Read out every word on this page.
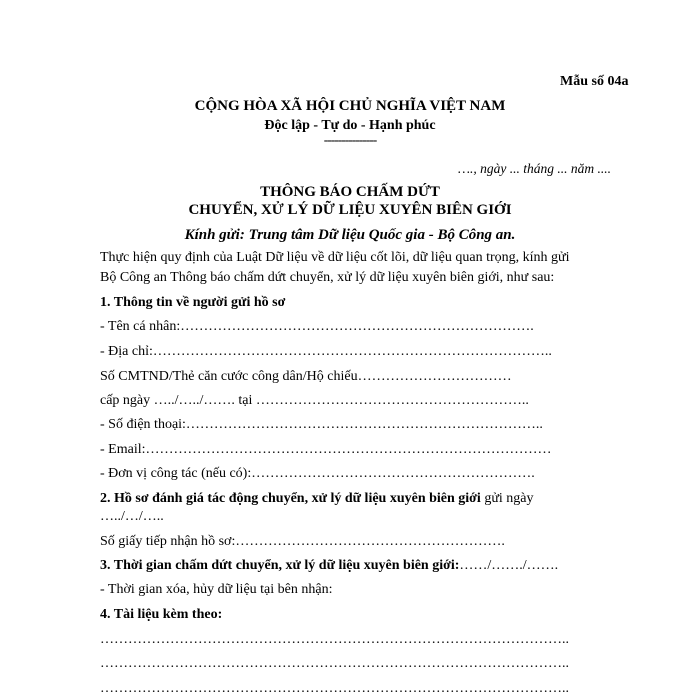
Mẫu số 04a
CỘNG HÒA XÃ HỘI CHỦ NGHĨA VIỆT NAM
Độc lập - Tự do - Hạnh phúc
---------------
…., ngày ... tháng ... năm ....
THÔNG BÁO CHẤM DỨT
CHUYỂN, XỬ LÝ DỮ LIỆU XUYÊN BIÊN GIỚI
Kính gửi: Trung tâm Dữ liệu Quốc gia - Bộ Công an.
Thực hiện quy định của Luật Dữ liệu về dữ liệu cốt lõi, dữ liệu quan trọng, kính gửi
Bộ Công an Thông báo chấm dứt chuyển, xử lý dữ liệu xuyên biên giới, như sau:
1. Thông tin về người gửi hồ sơ
- Tên cá nhân:………………………………………………………………….
- Địa chỉ:…………………………………………………………………………..
Số CMTND/Thẻ căn cước công dân/Hộ chiếu……………………………
cấp ngày …../…../……. tại …………………………………………………..
- Số điện thoại:…………………………………………………………………..
- Email:……………………………………………………………………………
- Đơn vị công tác (nếu có):…………………………………………………….
2. Hồ sơ đánh giá tác động chuyển, xử lý dữ liệu xuyên biên giới gửi ngày
…../…/…..
Số giấy tiếp nhận hồ sơ:………………………………………………….
3. Thời gian chấm dứt chuyển, xử lý dữ liệu xuyên biên giới:……/……./…….
- Thời gian xóa, hủy dữ liệu tại bên nhận:
4. Tài liệu kèm theo:
………………………………………………………………………………………..
………………………………………………………………………………………..
………………………………………………………………………………………..
